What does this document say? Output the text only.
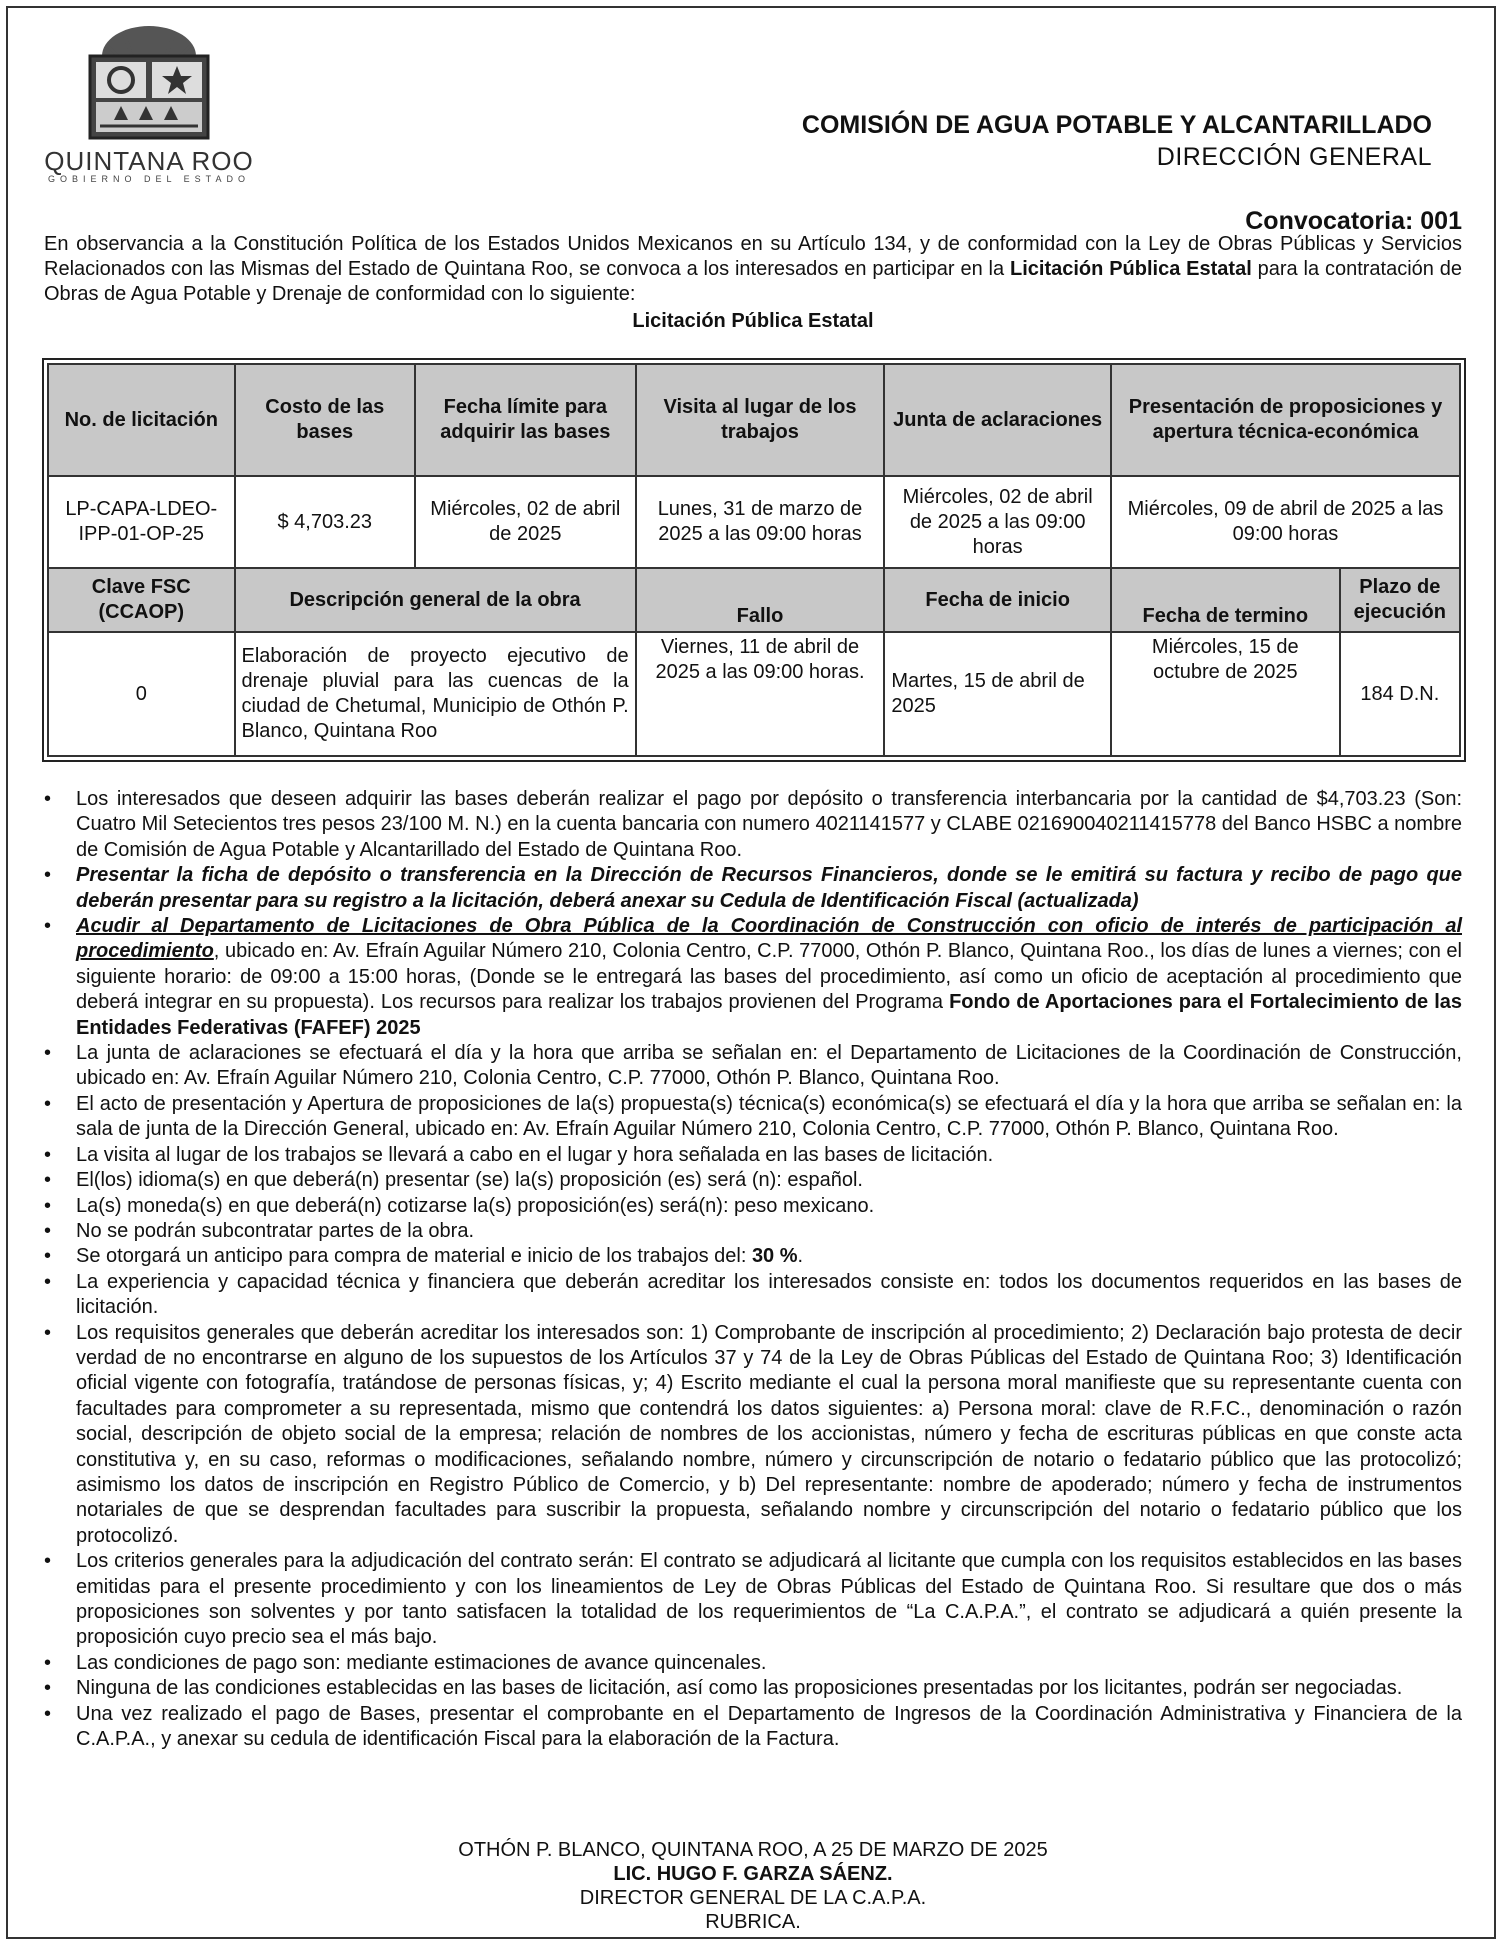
QUINTANA ROO
GOBIERNO DEL ESTADO
COMISIÓN DE AGUA POTABLE Y ALCANTARILLADO
DIRECCIÓN GENERAL
Convocatoria: 001
En observancia a la Constitución Política de los Estados Unidos Mexicanos en su Artículo 134, y de conformidad con la Ley de Obras Públicas y Servicios Relacionados con las Mismas del Estado de Quintana Roo, se convoca a los interesados en participar en la Licitación Pública Estatal para la contratación de Obras de Agua Potable y Drenaje de conformidad con lo siguiente:
Licitación Pública Estatal
No. de licitación	Costo de las bases	Fecha límite para adquirir las bases	Visita al lugar de los trabajos	Junta de aclaraciones	Presentación de proposiciones y apertura técnica-económica	
LP-CAPA-LDEO-IPP-01-OP-25	$ 4,703.23	Miércoles, 02 de abril de 2025	Lunes, 31 de marzo de 2025 a las 09:00 horas	Miércoles, 02 de abril de 2025 a las 09:00 horas	Miércoles, 09 de abril de 2025 a las 09:00 horas	
Clave FSC (CCAOP)	Descripción general de la obra		Fallo	Fecha de inicio	Fecha de termino	Plazo de ejecución
0	Elaboración de proyecto ejecutivo de drenaje pluvial para las cuencas de la ciudad de Chetumal, Municipio de Othón P. Blanco, Quintana Roo		Viernes, 11 de abril de 2025 a las 09:00 horas.	Martes, 15 de abril de 2025	Miércoles, 15 de octubre de 2025	184 D.N.
• Los interesados que deseen adquirir las bases deberán realizar el pago por depósito o transferencia interbancaria por la cantidad de $4,703.23 (Son: Cuatro Mil Setecientos tres pesos 23/100 M. N.) en la cuenta bancaria con numero 4021141577 y CLABE 021690040211415778 del Banco HSBC a nombre de Comisión de Agua Potable y Alcantarillado del Estado de Quintana Roo.
• Presentar la ficha de depósito o transferencia en la Dirección de Recursos Financieros, donde se le emitirá su factura y recibo de pago que deberán presentar para su registro a la licitación, deberá anexar su Cedula de Identificación Fiscal (actualizada)
• Acudir al Departamento de Licitaciones de Obra Pública de la Coordinación de Construcción con oficio de interés de participación al procedimiento, ubicado en: Av. Efraín Aguilar Número 210, Colonia Centro, C.P. 77000, Othón P. Blanco, Quintana Roo., los días de lunes a viernes; con el siguiente horario: de 09:00 a 15:00 horas, (Donde se le entregará las bases del procedimiento, así como un oficio de aceptación al procedimiento que deberá integrar en su propuesta). Los recursos para realizar los trabajos provienen del Programa Fondo de Aportaciones para el Fortalecimiento de las Entidades Federativas (FAFEF) 2025
• La junta de aclaraciones se efectuará el día y la hora que arriba se señalan en: el Departamento de Licitaciones de la Coordinación de Construcción, ubicado en: Av. Efraín Aguilar Número 210, Colonia Centro, C.P. 77000, Othón P. Blanco, Quintana Roo.
• El acto de presentación y Apertura de proposiciones de la(s) propuesta(s) técnica(s) económica(s) se efectuará el día y la hora que arriba se señalan en: la sala de junta de la Dirección General, ubicado en: Av. Efraín Aguilar Número 210, Colonia Centro, C.P. 77000, Othón P. Blanco, Quintana Roo.
• La visita al lugar de los trabajos se llevará a cabo en el lugar y hora señalada en las bases de licitación.
• El(los) idioma(s) en que deberá(n) presentar (se) la(s) proposición (es) será (n): español.
• La(s) moneda(s) en que deberá(n) cotizarse la(s) proposición(es) será(n): peso mexicano.
• No se podrán subcontratar partes de la obra.
• Se otorgará un anticipo para compra de material e inicio de los trabajos del: 30 %.
• La experiencia y capacidad técnica y financiera que deberán acreditar los interesados consiste en: todos los documentos requeridos en las bases de licitación.
• Los requisitos generales que deberán acreditar los interesados son: 1) Comprobante de inscripción al procedimiento; 2) Declaración bajo protesta de decir verdad de no encontrarse en alguno de los supuestos de los Artículos 37 y 74 de la Ley de Obras Públicas del Estado de Quintana Roo; 3) Identificación oficial vigente con fotografía, tratándose de personas físicas, y; 4) Escrito mediante el cual la persona moral manifieste que su representante cuenta con facultades para comprometer a su representada, mismo que contendrá los datos siguientes: a) Persona moral: clave de R.F.C., denominación o razón social, descripción de objeto social de la empresa; relación de nombres de los accionistas, número y fecha de escrituras públicas en que conste acta constitutiva y, en su caso, reformas o modificaciones, señalando nombre, número y circunscripción de notario o fedatario público que las protocolizó; asimismo los datos de inscripción en Registro Público de Comercio, y b) Del representante: nombre de apoderado; número y fecha de instrumentos notariales de que se desprendan facultades para suscribir la propuesta, señalando nombre y circunscripción del notario o fedatario público que los protocolizó.
• Los criterios generales para la adjudicación del contrato serán: El contrato se adjudicará al licitante que cumpla con los requisitos establecidos en las bases emitidas para el presente procedimiento y con los lineamientos de Ley de Obras Públicas del Estado de Quintana Roo. Si resultare que dos o más proposiciones son solventes y por tanto satisfacen la totalidad de los requerimientos de “La C.A.P.A.”, el contrato se adjudicará a quién presente la proposición cuyo precio sea el más bajo.
• Las condiciones de pago son: mediante estimaciones de avance quincenales.
• Ninguna de las condiciones establecidas en las bases de licitación, así como las proposiciones presentadas por los licitantes, podrán ser negociadas.
• Una vez realizado el pago de Bases, presentar el comprobante en el Departamento de Ingresos de la Coordinación Administrativa y Financiera de la C.A.P.A., y anexar su cedula de identificación Fiscal para la elaboración de la Factura.
OTHÓN P. BLANCO, QUINTANA ROO, A 25 DE MARZO DE 2025
LIC. HUGO F. GARZA SÁENZ.
DIRECTOR GENERAL DE LA C.A.P.A.
RUBRICA.
